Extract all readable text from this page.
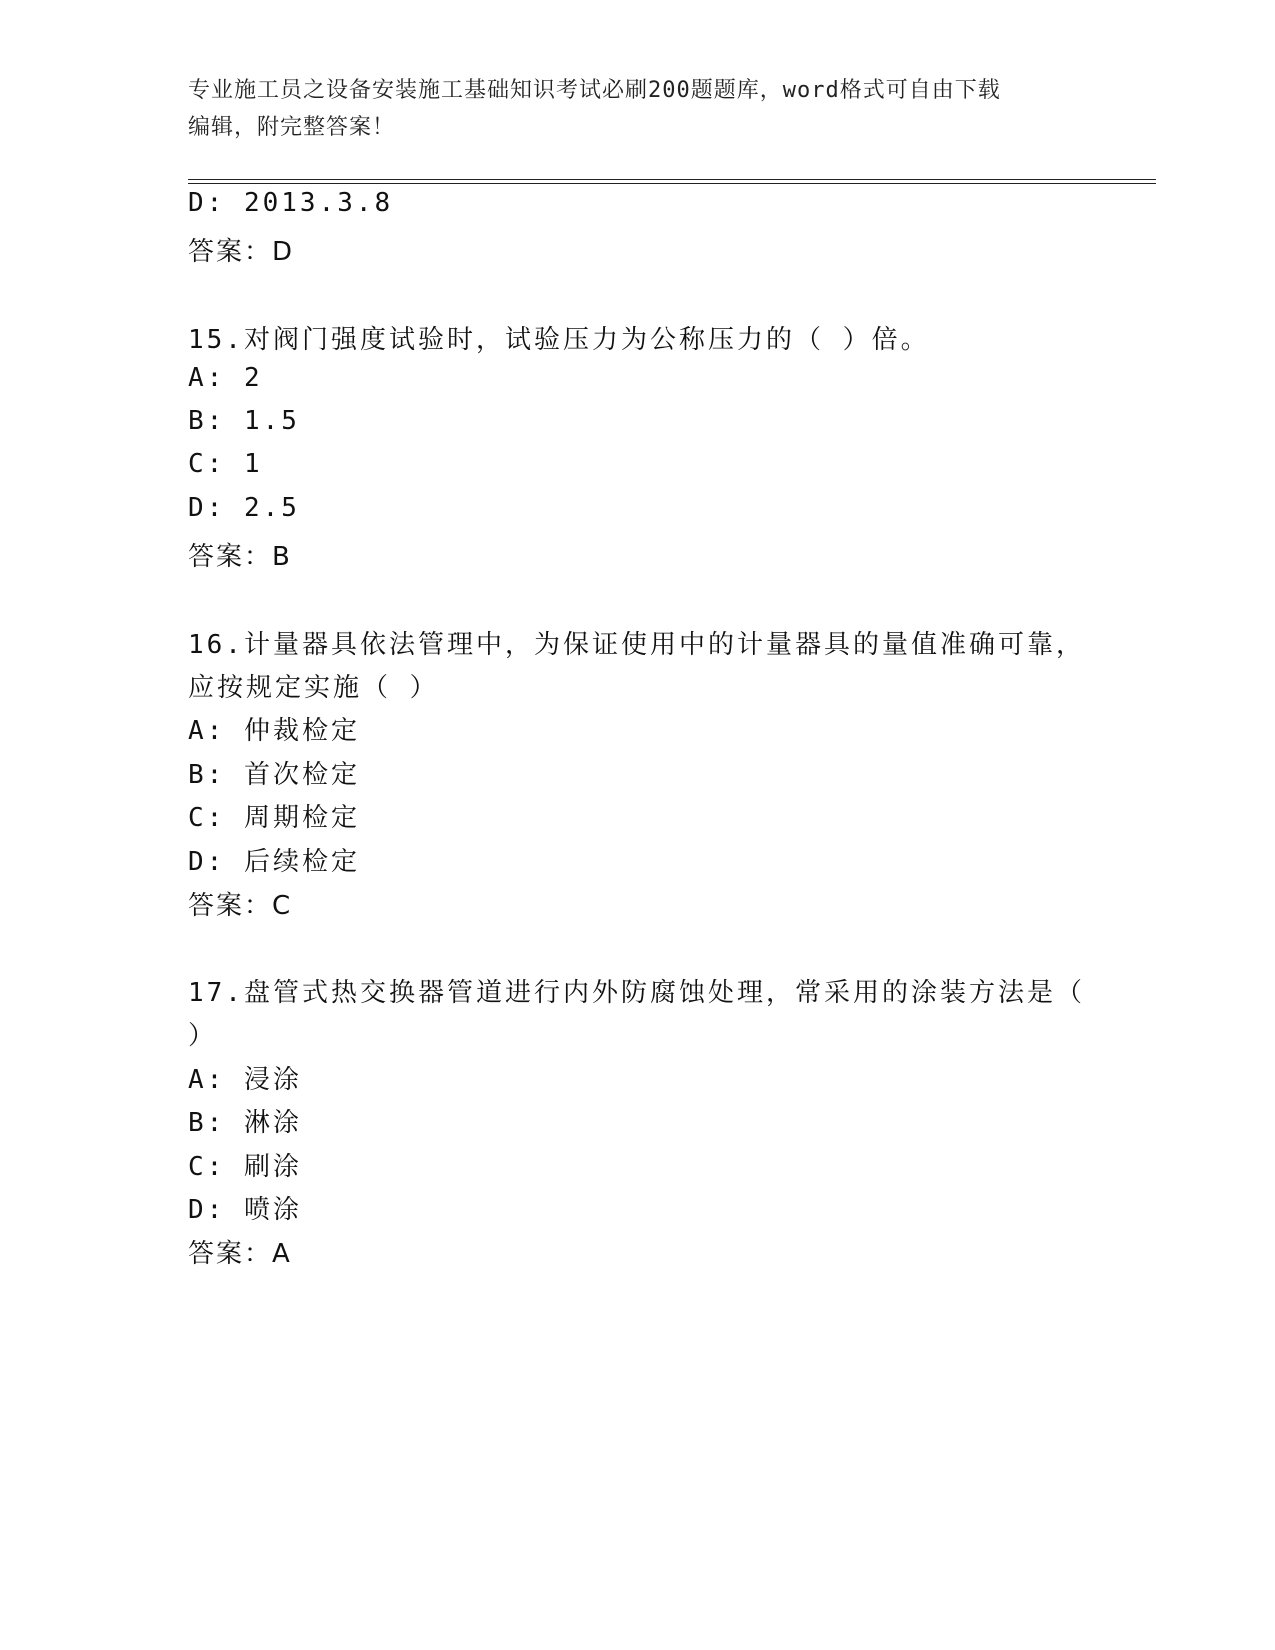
专业施工员之设备安装施工基础知识考试必刷200题题库，word格式可自由下载
编辑，附完整答案！
D: 2013.3.8
答案：D
15.对阀门强度试验时，试验压力为公称压力的（ ）倍。
A: 2
B: 1.5
C: 1
D: 2.5
答案：B
16.计量器具依法管理中，为保证使用中的计量器具的量值准确可靠，
应按规定实施（ ）
A: 仲裁检定
B: 首次检定
C: 周期检定
D: 后续检定
答案：C
17.盘管式热交换器管道进行内外防腐蚀处理，常采用的涂装方法是（
）
A: 浸涂
B: 淋涂
C: 刷涂
D: 喷涂
答案：A
